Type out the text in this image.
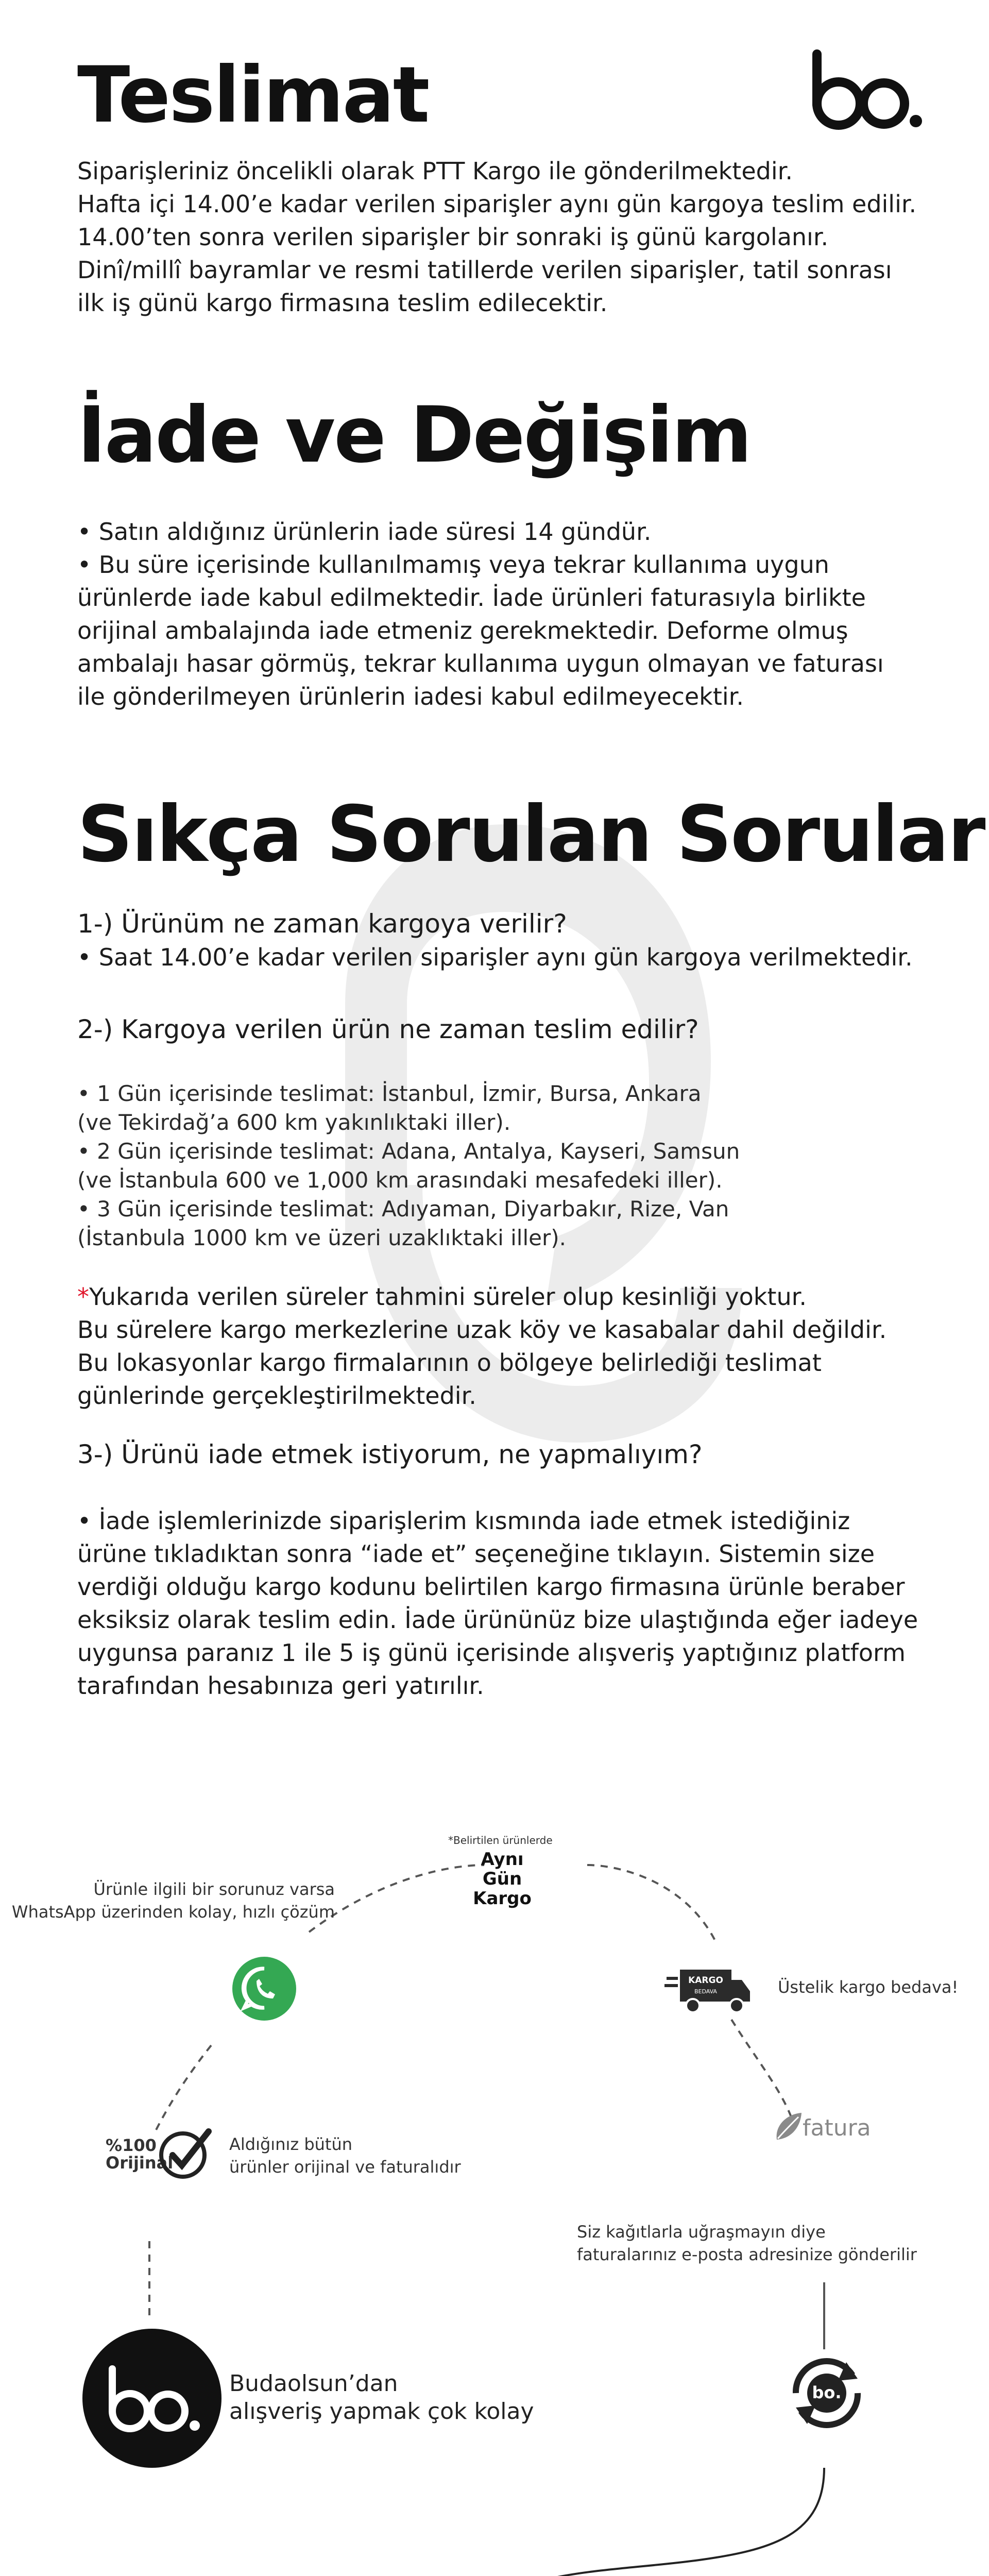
Teslimat
Siparişleriniz öncelikli olarak PTT Kargo ile gönderilmektedir.
Hafta içi 14.00’e kadar verilen siparişler aynı gün kargoya teslim edilir.
14.00’ten sonra verilen siparişler bir sonraki iş günü kargolanır.
Dinî/millî bayramlar ve resmi tatillerde verilen siparişler, tatil sonrası
ilk iş günü kargo firmasına teslim edilecektir.
İade ve Değişim
• Satın aldığınız ürünlerin iade süresi 14 gündür.
• Bu süre içerisinde kullanılmamış veya tekrar kullanıma uygun
ürünlerde iade kabul edilmektedir. İade ürünleri faturasıyla birlikte
orijinal ambalajında iade etmeniz gerekmektedir. Deforme olmuş
ambalajı hasar görmüş, tekrar kullanıma uygun olmayan ve faturası
ile gönderilmeyen ürünlerin iadesi kabul edilmeyecektir.
Sıkça Sorulan Sorular
1-) Ürünüm ne zaman kargoya verilir?
• Saat 14.00’e kadar verilen siparişler aynı gün kargoya verilmektedir.
2-) Kargoya verilen ürün ne zaman teslim edilir?
• 1 Gün içerisinde teslimat: İstanbul, İzmir, Bursa, Ankara
(ve Tekirdağ’a 600 km yakınlıktaki iller).
• 2 Gün içerisinde teslimat: Adana, Antalya, Kayseri, Samsun
(ve İstanbula 600 ve 1,000 km arasındaki mesafedeki iller).
• 3 Gün içerisinde teslimat: Adıyaman, Diyarbakır, Rize, Van
(İstanbula 1000 km ve üzeri uzaklıktaki iller).
*Yukarıda verilen süreler tahmini süreler olup kesinliği yoktur.
Bu sürelere kargo merkezlerine uzak köy ve kasabalar dahil değildir.
Bu lokasyonlar kargo firmalarının o bölgeye belirlediği teslimat
günlerinde gerçekleştirilmektedir.
3-) Ürünü iade etmek istiyorum, ne yapmalıyım?
• İade işlemlerinizde siparişlerim kısmında iade etmek istediğiniz
ürüne tıkladıktan sonra “iade et” seçeneğine tıklayın. Sistemin size
verdiği olduğu kargo kodunu belirtilen kargo firmasına ürünle beraber
eksiksiz olarak teslim edin. İade ürününüz bize ulaştığında eğer iadeye
uygunsa paranız 1 ile 5 iş günü içerisinde alışveriş yaptığınız platform
tarafından hesabınıza geri yatırılır.
Ürünle ilgili bir sorunuz varsa
WhatsApp üzerinden kolay, hızlı çözüm
*Belirtilen ürünlerde
Aynı
Gün
Kargo
KARGO
BEDAVA	Üstelik kargo bedava!
%100 Orijinal
Aldığınız bütün
ürünler orijinal ve faturalıdır
fatura
Siz kağıtlarla uğraşmayın diye
faturalarınız e-posta adresinize gönderilir
Budaolsun’dan
alışveriş yapmak çok kolay
bo.
